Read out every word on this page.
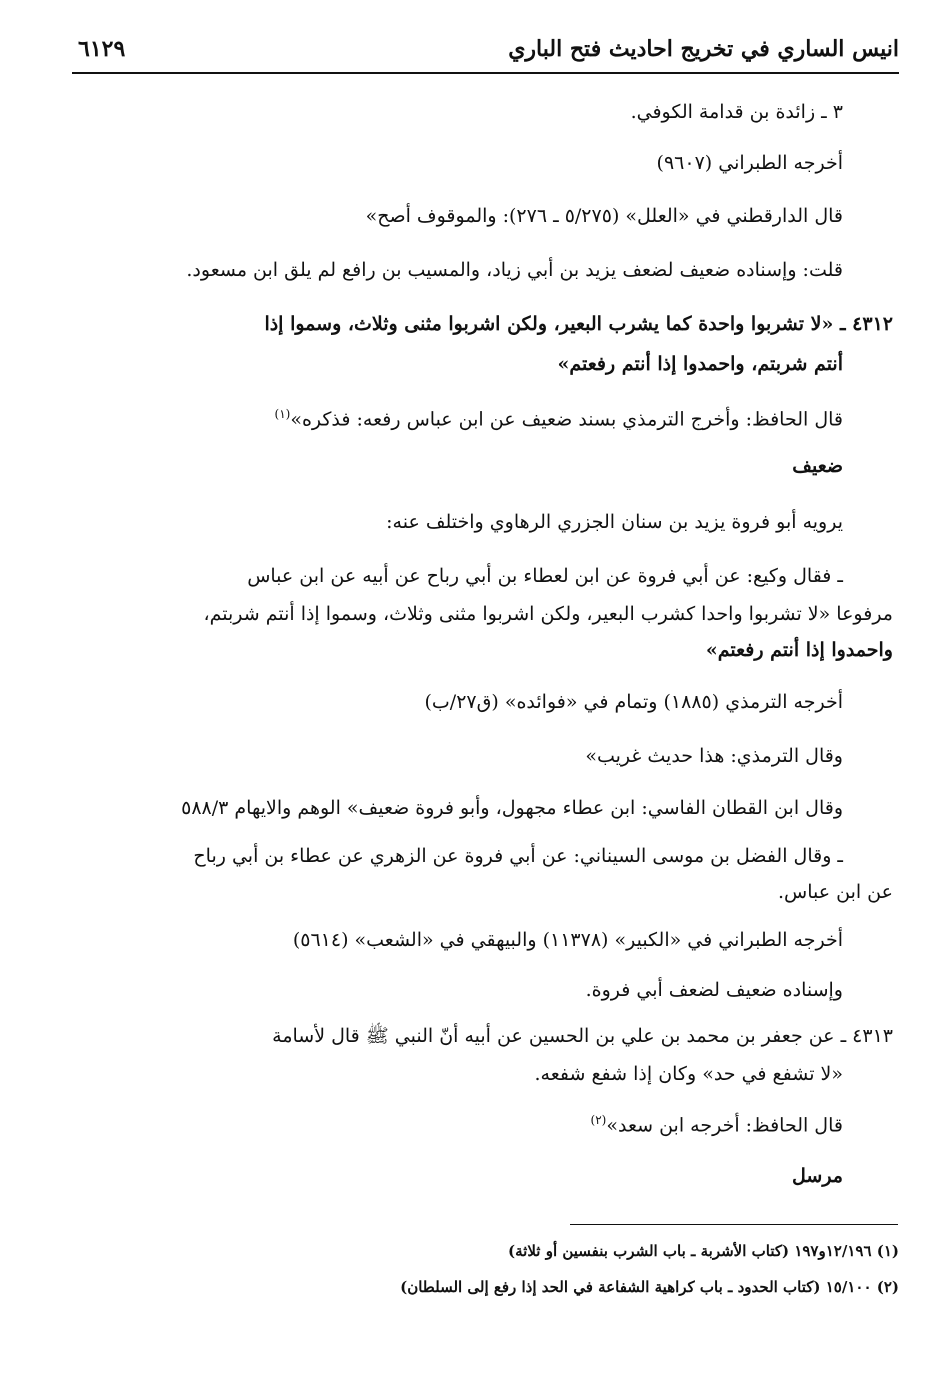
انيس الساري في تخريج احاديث فتح الباري
٦١٢٩
٣ ـ زائدة بن قدامة الكوفي.
أخرجه الطبراني (٩٦٠٧)
قال الدارقطني في «العلل» (٥/٢٧٥ ـ ٢٧٦): والموقوف أصح»
قلت: وإسناده ضعيف لضعف يزيد بن أبي زياد، والمسيب بن رافع لم يلق ابن مسعود.
٤٣١٢ ـ «لا تشربوا واحدة كما يشرب البعير، ولكن اشربوا مثنى وثلاث، وسموا إذا
أنتم شربتم، واحمدوا إذا أنتم رفعتم»
قال الحافظ: وأخرج الترمذي بسند ضعيف عن ابن عباس رفعه: فذكره»$^{(١)}$
ضعيف
يرويه أبو فروة يزيد بن سنان الجزري الرهاوي واختلف عنه:
ـ فقال وكيع: عن أبي فروة عن ابن لعطاء بن أبي رباح عن أبيه عن ابن عباس
مرفوعا «لا تشربوا واحدا كشرب البعير، ولكن اشربوا مثنى وثلاث، وسموا إذا أنتم شربتم،
واحمدوا إذا أنتم رفعتم»
أخرجه الترمذي (١٨٨٥) وتمام في «فوائده» (ق٢٧/ب)
وقال الترمذي: هذا حديث غريب»
وقال ابن القطان الفاسي: ابن عطاء مجهول، وأبو فروة ضعيف» الوهم والايهام ٥٨٨/٣
ـ وقال الفضل بن موسى السيناني: عن أبي فروة عن الزهري عن عطاء بن أبي رباح
عن ابن عباس.
أخرجه الطبراني في «الكبير» (١١٣٧٨) والبيهقي في «الشعب» (٥٦١٤)
وإسناده ضعيف لضعف أبي فروة.
٤٣١٣ ـ عن جعفر بن محمد بن علي بن الحسين عن أبيه أنّ النبي ﷺ قال لأسامة
«لا تشفع في حد» وكان إذا شفع شفعه.
قال الحافظ: أخرجه ابن سعد»$^{(٢)}$
مرسل
(١) ١٢/١٩٦و١٩٧ (كتاب الأشربة ـ باب الشرب بنفسين أو ثلاثة)
(٢) ١٥/١٠٠ (كتاب الحدود ـ باب كراهية الشفاعة في الحد إذا رفع إلى السلطان)
